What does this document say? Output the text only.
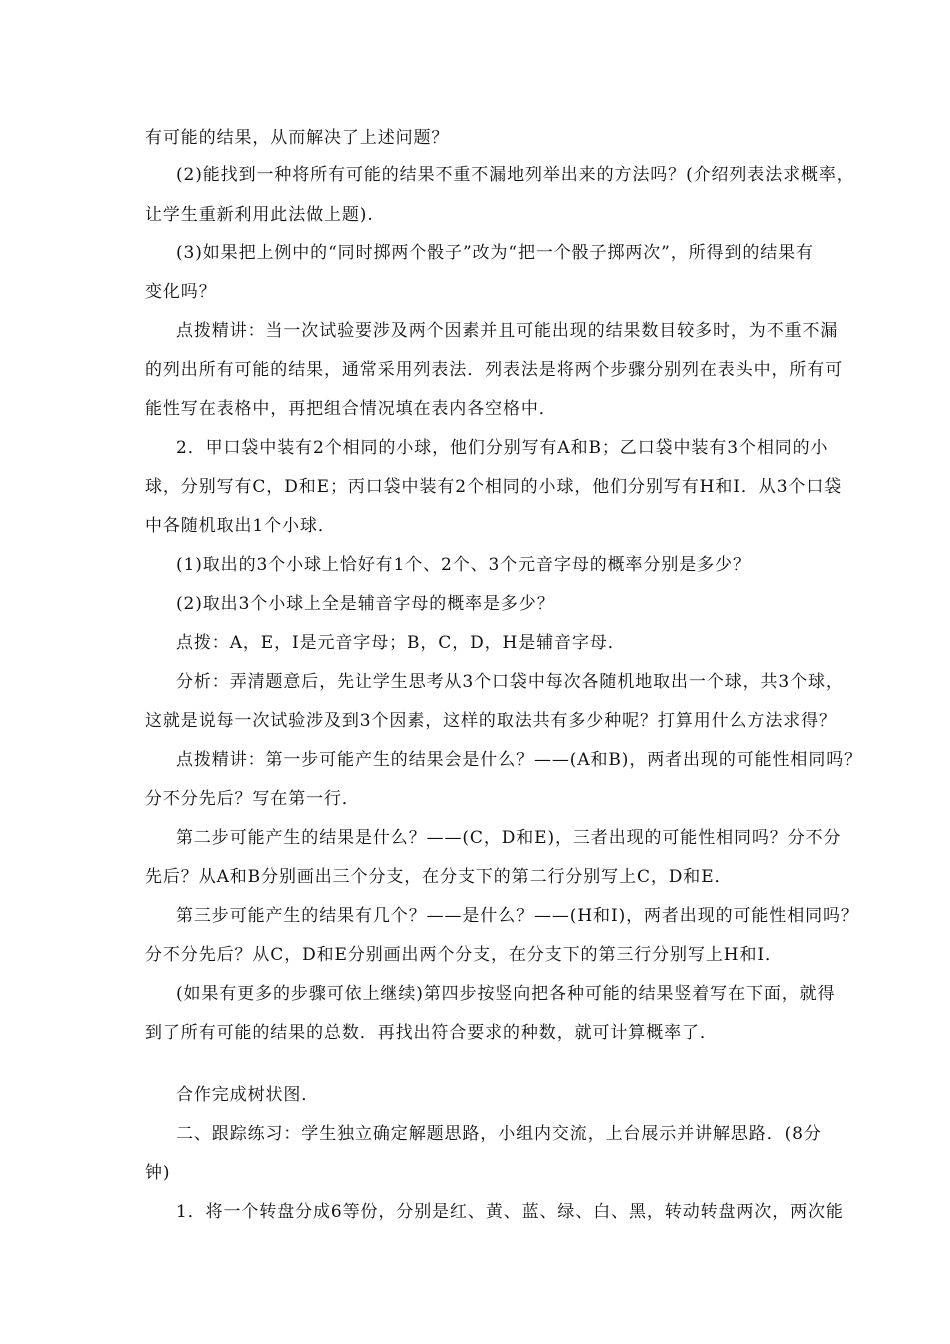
有可能的结果，从而解决了上述问题？
(2)能找到一种将所有可能的结果不重不漏地列举出来的方法吗？(介绍列表法求概率，
让学生重新利用此法做上题).
(3)如果把上例中的“同时掷两个骰子”改为“把一个骰子掷两次”，所得到的结果有
变化吗？
点拨精讲：当一次试验要涉及两个因素并且可能出现的结果数目较多时，为不重不漏
的列出所有可能的结果，通常采用列表法．列表法是将两个步骤分别列在表头中，所有可
能性写在表格中，再把组合情况填在表内各空格中．
2．甲口袋中装有2个相同的小球，他们分别写有A和B；乙口袋中装有3个相同的小
球，分别写有C，D和E；丙口袋中装有2个相同的小球，他们分别写有H和I．从3个口袋
中各随机取出1个小球．
(1)取出的3个小球上恰好有1个、2个、3个元音字母的概率分别是多少？
(2)取出3个小球上全是辅音字母的概率是多少？
点拨：A，E，I是元音字母；B，C，D，H是辅音字母．
分析：弄清题意后，先让学生思考从3个口袋中每次各随机地取出一个球，共3个球，
这就是说每一次试验涉及到3个因素，这样的取法共有多少种呢？打算用什么方法求得？
点拨精讲：第一步可能产生的结果会是什么？——(A和B)，两者出现的可能性相同吗？
分不分先后？写在第一行．
第二步可能产生的结果是什么？——(C，D和E)，三者出现的可能性相同吗？分不分
先后？从A和B分别画出三个分支，在分支下的第二行分别写上C，D和E．
第三步可能产生的结果有几个？——是什么？——(H和I)，两者出现的可能性相同吗？
分不分先后？从C，D和E分别画出两个分支，在分支下的第三行分别写上H和I．
(如果有更多的步骤可依上继续)第四步按竖向把各种可能的结果竖着写在下面，就得
到了所有可能的结果的总数．再找出符合要求的种数，就可计算概率了．
合作完成树状图．
二、跟踪练习：学生独立确定解题思路，小组内交流，上台展示并讲解思路．(8分
钟)
1．将一个转盘分成6等份，分别是红、黄、蓝、绿、白、黑，转动转盘两次，两次能
